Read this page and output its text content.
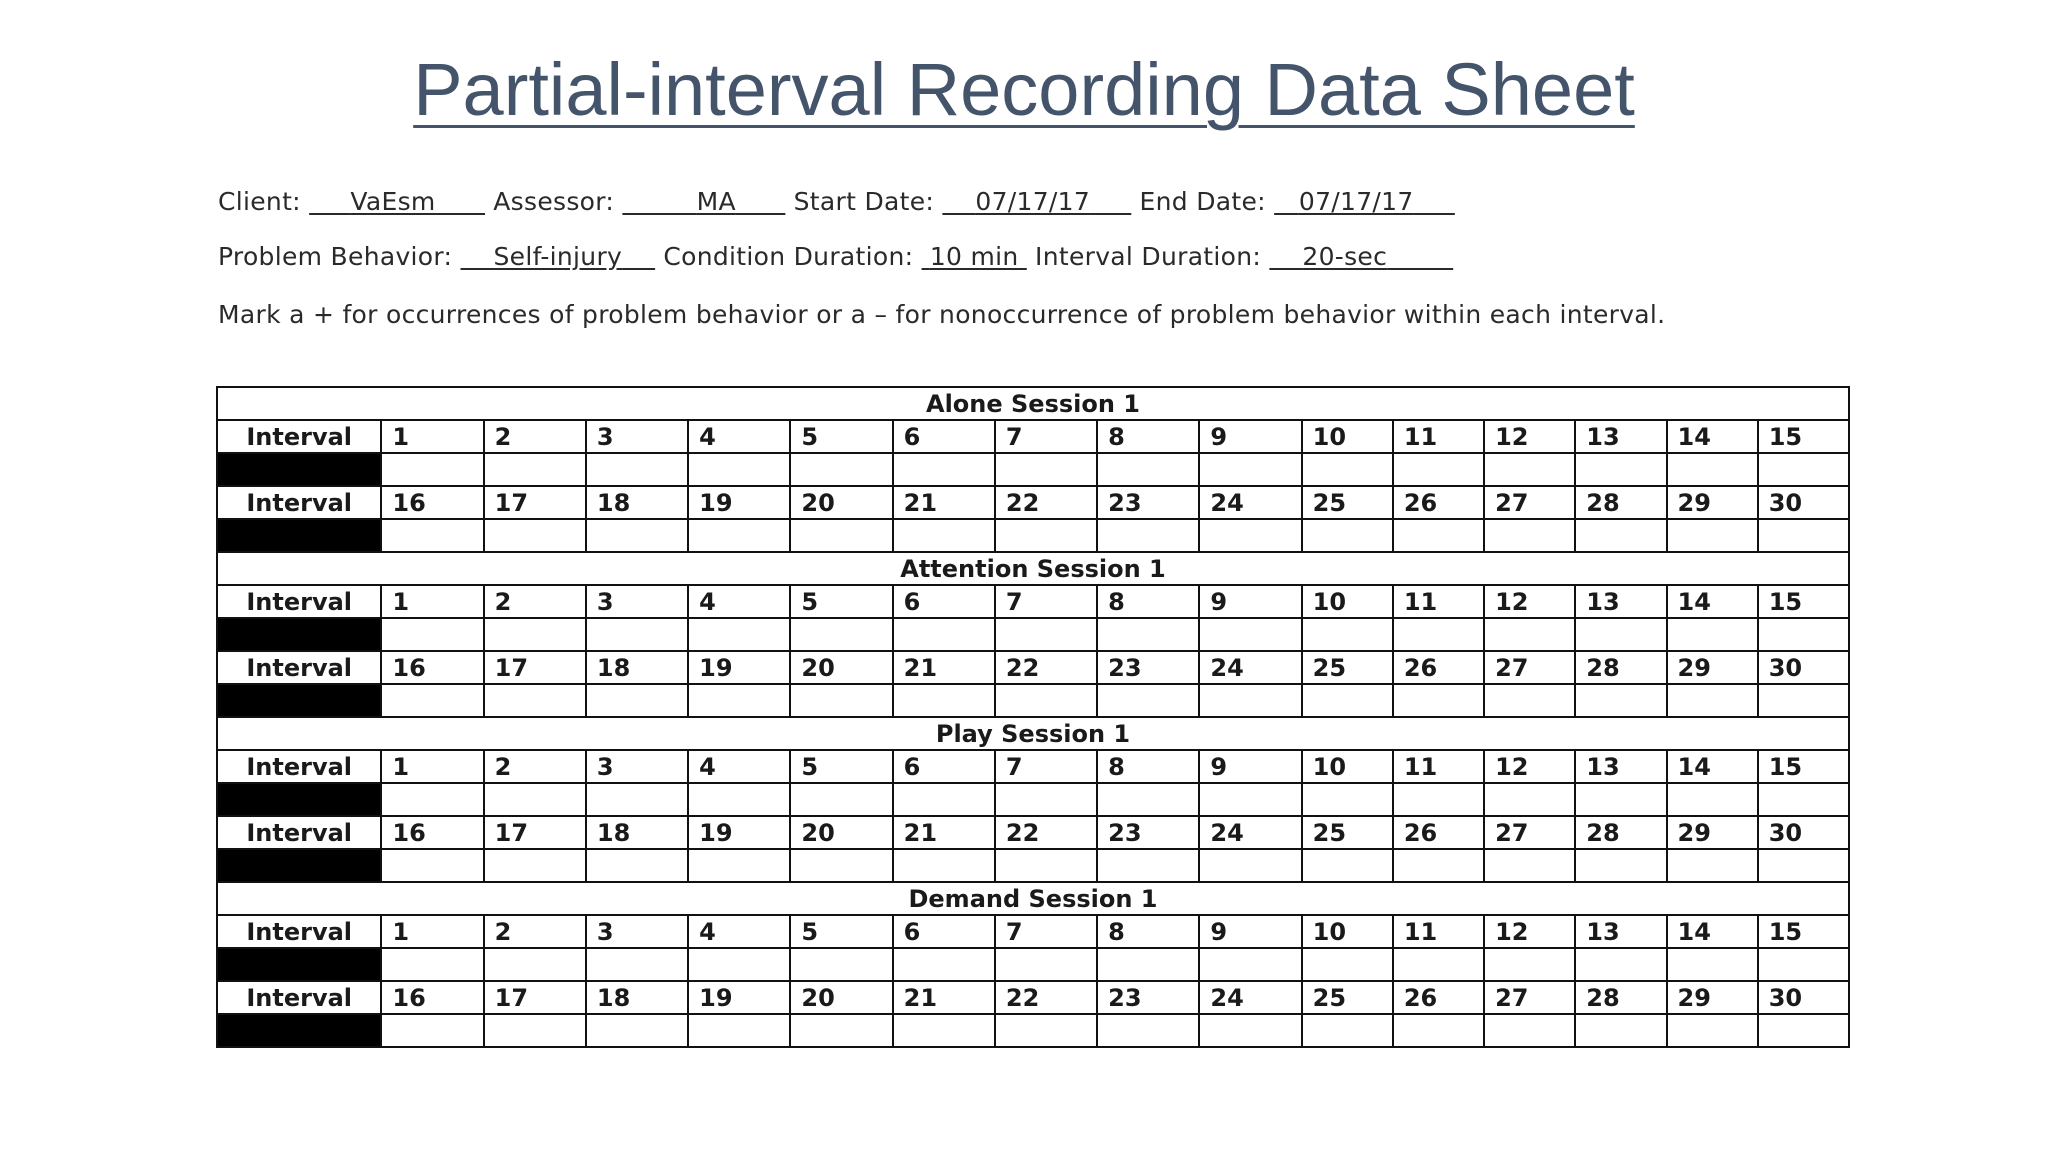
Partial-interval Recording Data Sheet
Client: VaEsm Assessor:	MA Start Date: 07/17/17 End Date: 07/17/17
Problem Behavior: Self-injury Condition Duration: 10 min Interval Duration: 20-sec
Mark a + for occurrences of problem behavior or a – for nonoccurrence of problem behavior within each interval.
Alone Session 1															
Interval	1	2	3	4	5	6	7	8	9	10	11	12	13	14	15

Interval	16	17	18	19	20	21	22	23	24	25	26	27	28	29	30

Attention Session 1															
Interval	1	2	3	4	5	6	7	8	9	10	11	12	13	14	15

Interval	16	17	18	19	20	21	22	23	24	25	26	27	28	29	30

Play Session 1															
Interval	1	2	3	4	5	6	7	8	9	10	11	12	13	14	15

Interval	16	17	18	19	20	21	22	23	24	25	26	27	28	29	30

Demand Session 1															
Interval	1	2	3	4	5	6	7	8	9	10	11	12	13	14	15

Interval	16	17	18	19	20	21	22	23	24	25	26	27	28	29	30
